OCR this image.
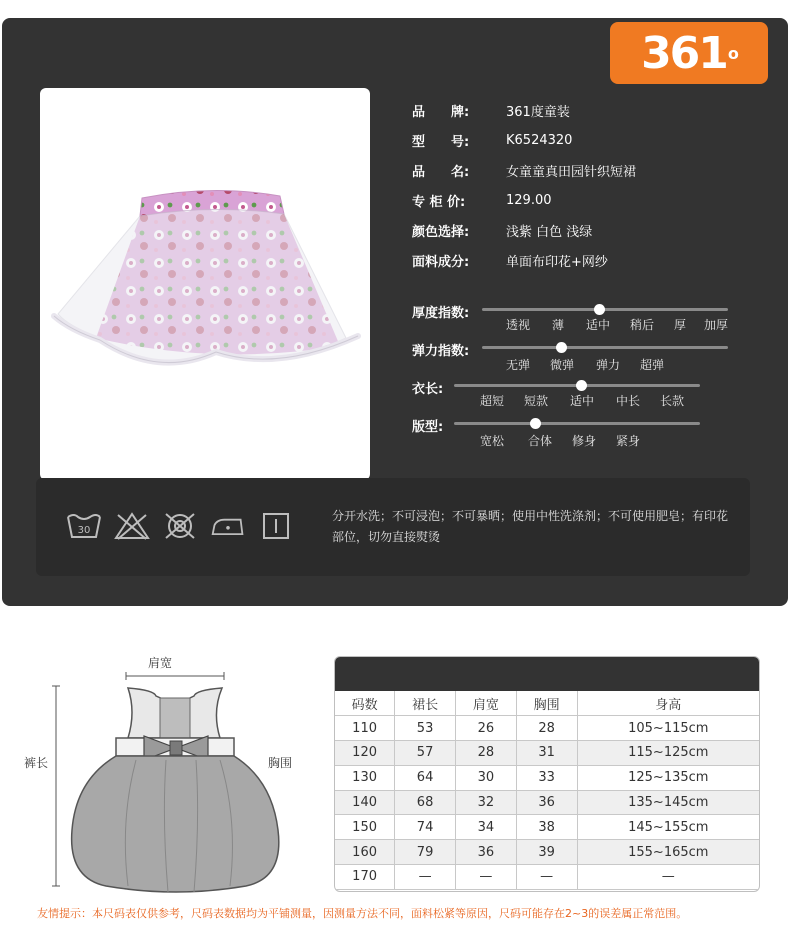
361 o
品　　牌:	361度童装
型　　号:	K6524320
品　　名:	女童童真田园针织短裙
专 柜 价:	129.00
颜色选择:	浅紫 白色 浅绿
面料成分:	单面布印花+网纱
厚度指数:
透视 薄 适中 稍后 厚 加厚
弹力指数:
无弹 微弹 弹力 超弹
衣长:
超短 短款 适中 中长 长款
版型:
宽松 合体 修身 紧身
30
分开水洗；不可浸泡；不可暴晒；使用中性洗涤剂；不可使用肥皂；有印花部位，切勿直接熨烫
肩宽
裤长	胸围
码数	裙长	肩宽	胸围	身高
110	53	26	28	105~115cm
120	57	28	31	115~125cm
130	64	30	33	125~135cm
140	68	32	36	135~145cm
150	74	34	38	145~155cm
160	79	36	39	155~165cm
170	—	—	—	—
友情提示：本尺码表仅供参考，尺码表数据均为平铺测量，因测量方法不同，面料松紧等原因，尺码可能存在2~3的误差属正常范围。
